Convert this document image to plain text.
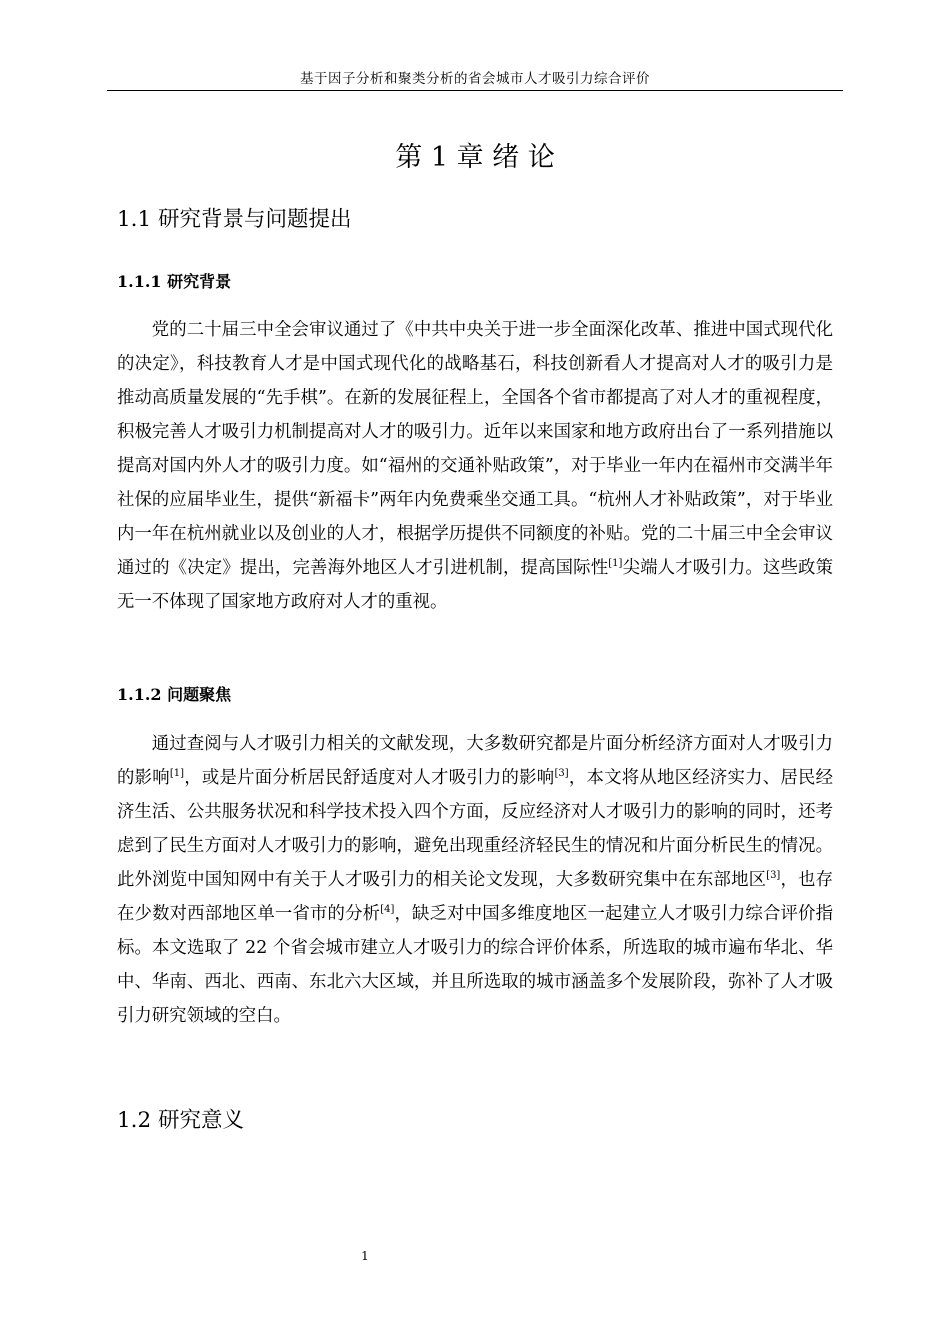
基于因子分析和聚类分析的省会城市人才吸引力综合评价
第 1 章 绪 论
1.1 研究背景与问题提出
1.1.1 研究背景

党的二十届三中全会审议通过了《中共中央关于进一步全面深化改革、推进中国式现代化的决定》，科技教育人才是中国式现代化的战略基石，科技创新看人才提高对人才的吸引力是推动高质量发展的“先手棋”。在新的发展征程上，全国各个省市都提高了对人才的重视程度，积极完善人才吸引力机制提高对人才的吸引力。近年以来国家和地方政府出台了一系列措施以提高对国内外人才的吸引力度。如“福州的交通补贴政策”，对于毕业一年内在福州市交满半年社保的应届毕业生，提供“新福卡”两年内免费乘坐交通工具。“杭州人才补贴政策”，对于毕业内一年在杭州就业以及创业的人才，根据学历提供不同额度的补贴。党的二十届三中全会审议通过的《决定》提出，完善海外地区人才引进机制，提高国际性[1]尖端人才吸引力。这些政策无一不体现了国家地方政府对人才的重视。

1.1.2 问题聚焦

通过查阅与人才吸引力相关的文献发现，大多数研究都是片面分析经济方面对人才吸引力的影响[1]，或是片面分析居民舒适度对人才吸引力的影响[3]，本文将从地区经济实力、居民经济生活、公共服务状况和科学技术投入四个方面，反应经济对人才吸引力的影响的同时，还考虑到了民生方面对人才吸引力的影响，避免出现重经济轻民生的情况和片面分析民生的情况。此外浏览中国知网中有关于人才吸引力的相关论文发现，大多数研究集中在东部地区[3]，也存在少数对西部地区单一省市的分析[4]，缺乏对中国多维度地区一起建立人才吸引力综合评价指标。本文选取了 22 个省会城市建立人才吸引力的综合评价体系，所选取的城市遍布华北、华中、华南、西北、西南、东北六大区域，并且所选取的城市涵盖多个发展阶段，弥补了人才吸引力研究领域的空白。

1.2 研究意义
1
